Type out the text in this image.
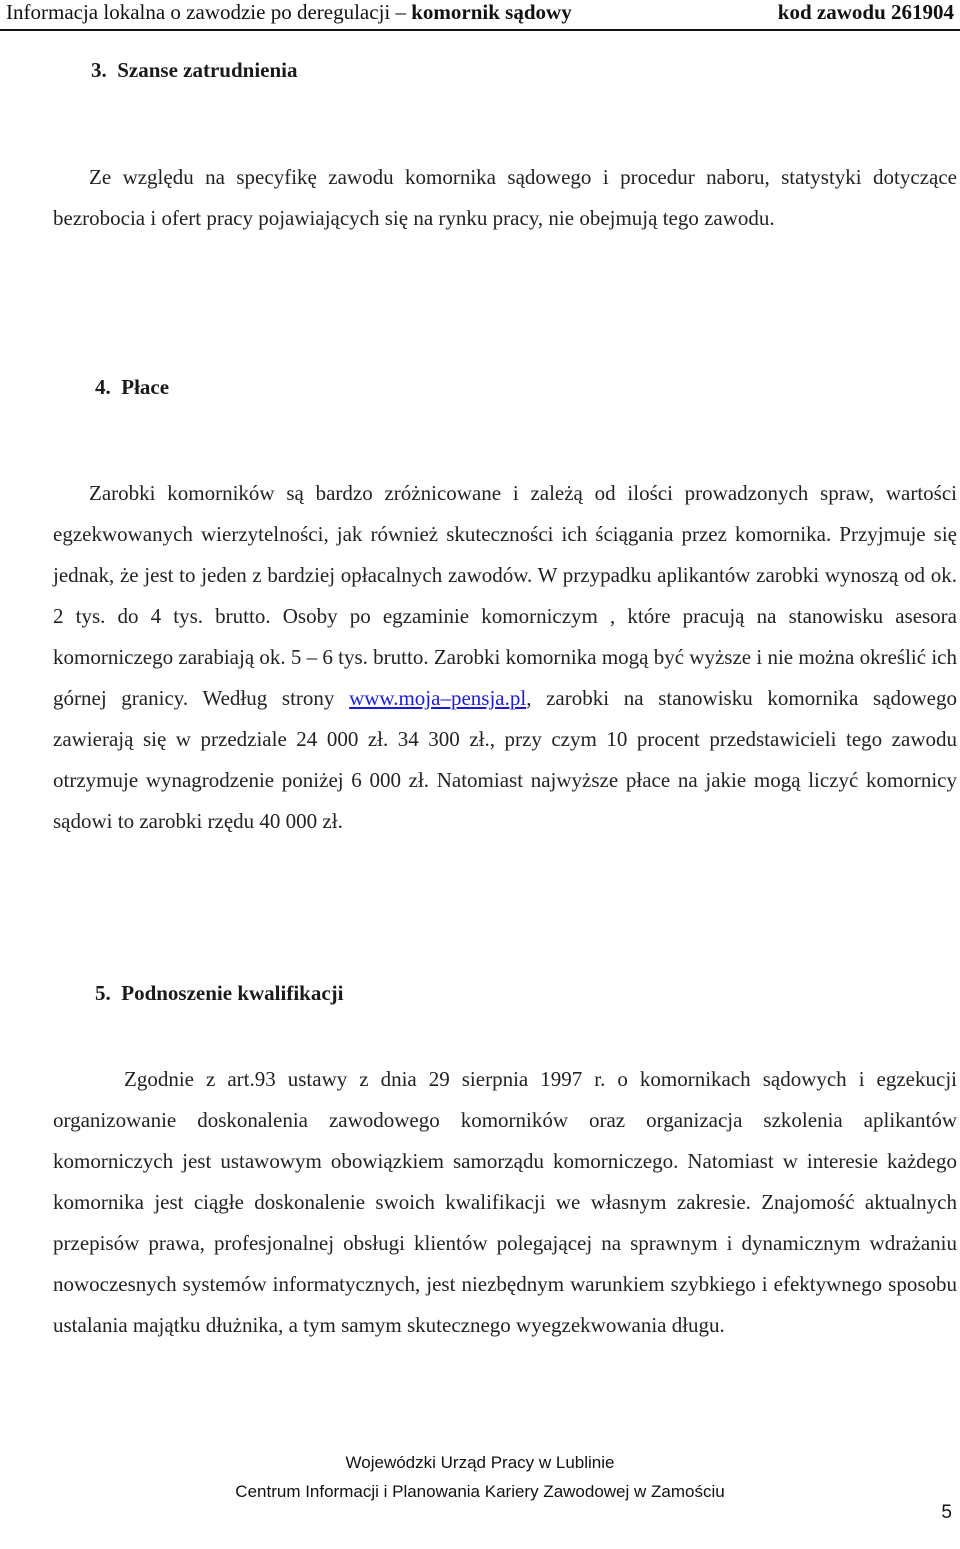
Informacja lokalna o zawodzie po deregulacji – komornik sądowy	kod zawodu 261904
3. Szanse zatrudnienia

Ze względu na specyfikę zawodu komornika sądowego i procedur naboru, statystyki dotyczące bezrobocia i ofert pracy pojawiających się na rynku pracy, nie obejmują tego zawodu.

4. Płace

Zarobki komorników są bardzo zróżnicowane i zależą od ilości prowadzonych spraw, wartości egzekwowanych wierzytelności, jak również skuteczności ich ściągania przez komornika. Przyjmuje się jednak, że jest to jeden z bardziej opłacalnych zawodów. W przypadku aplikantów zarobki wynoszą od ok. 2 tys. do 4 tys. brutto. Osoby po egzaminie komorniczym , które pracują na stanowisku asesora komorniczego zarabiają ok. 5 – 6 tys. brutto. Zarobki komornika mogą być wyższe i nie można określić ich górnej granicy. Według strony www.moja–pensja.pl, zarobki na stanowisku komornika sądowego zawierają się w przedziale 24 000 zł. 34 300 zł., przy czym 10 procent przedstawicieli tego zawodu otrzymuje wynagrodzenie poniżej 6 000 zł. Natomiast najwyższe płace na jakie mogą liczyć komornicy sądowi to zarobki rzędu 40 000 zł.

5. Podnoszenie kwalifikacji

Zgodnie z art.93 ustawy z dnia 29 sierpnia 1997 r. o komornikach sądowych i egzekucji organizowanie doskonalenia zawodowego komorników oraz organizacja szkolenia aplikantów komorniczych jest ustawowym obowiązkiem samorządu komorniczego. Natomiast w interesie każdego komornika jest ciągłe doskonalenie swoich kwalifikacji we własnym zakresie. Znajomość aktualnych przepisów prawa, profesjonalnej obsługi klientów polegającej na sprawnym i dynamicznym wdrażaniu nowoczesnych systemów informatycznych, jest niezbędnym warunkiem szybkiego i efektywnego sposobu ustalania majątku dłużnika, a tym samym skutecznego wyegzekwowania długu.

Wojewódzki Urząd Pracy w Lublinie
Centrum Informacji i Planowania Kariery Zawodowej w Zamościu
5
